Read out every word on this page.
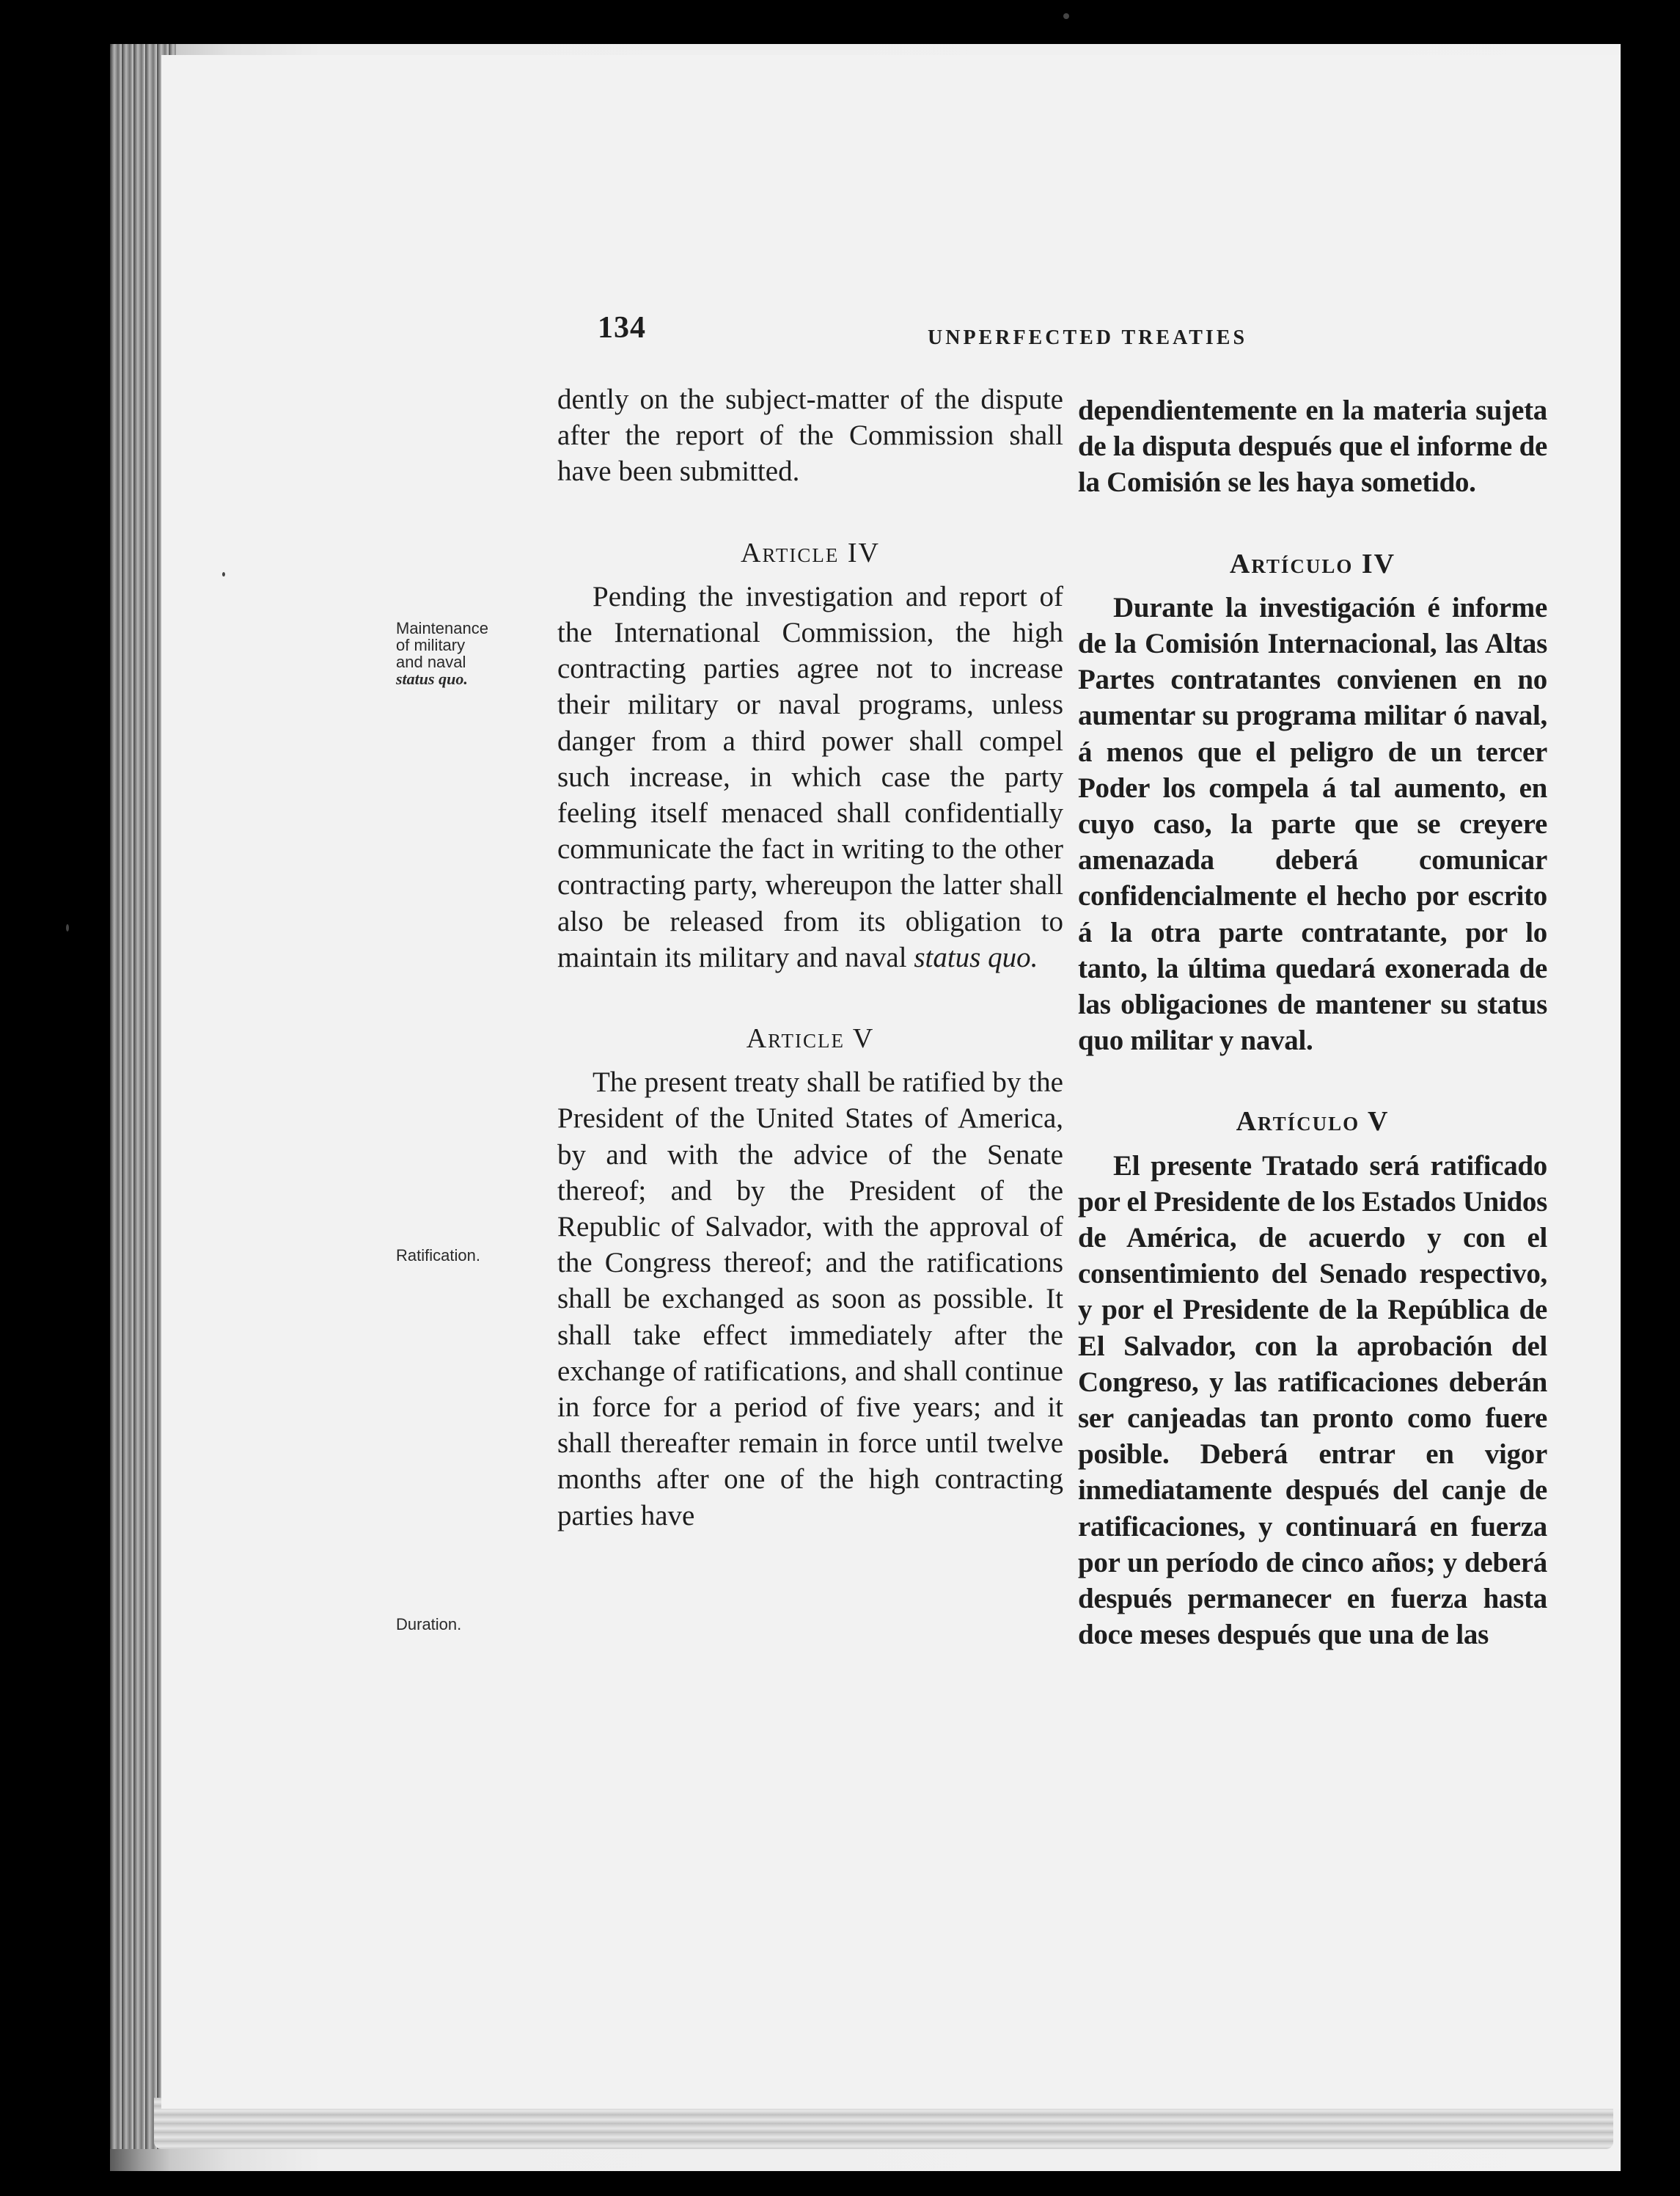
134	UNPERFECTED TREATIES
Maintenance
of military
and naval
status quo.
Ratification.
Duration.

dently on the subject-matter of the dispute after the report of the Commission shall have been submitted.

Article IV

Pending the investigation and report of the International Commission, the high contracting parties agree not to increase their military or naval programs, unless danger from a third power shall compel such increase, in which case the party feeling itself menaced shall confidentially communicate the fact in writing to the other contracting party, whereupon the latter shall also be released from its obligation to maintain its military and naval status quo.

Article V

The present treaty shall be ratified by the President of the United States of America, by and with the advice of the Senate thereof; and by the President of the Republic of Salvador, with the approval of the Congress thereof; and the ratifications shall be exchanged as soon as possible. It shall take effect immediately after the exchange of ratifications, and shall continue in force for a period of five years; and it shall thereafter remain in force until twelve months after one of the high contracting parties have

dependientemente en la materia sujeta de la disputa después que el informe de la Comisión se les haya sometido.

Artículo IV

Durante la investigación é informe de la Comisión Internacional, las Altas Partes contratantes convienen en no aumentar su programa militar ó naval, á menos que el peligro de un tercer Poder los compela á tal aumento, en cuyo caso, la parte que se creyere amenazada deberá comunicar confidencialmente el hecho por escrito á la otra parte contratante, por lo tanto, la última quedará exonerada de las obligaciones de mantener su status quo militar y naval.

Artículo V

El presente Tratado será ratificado por el Presidente de los Estados Unidos de América, de acuerdo y con el consentimiento del Senado respectivo, y por el Presidente de la República de El Salvador, con la aprobación del Congreso, y las ratificaciones deberán ser canjeadas tan pronto como fuere posible. Deberá entrar en vigor inmediatamente después del canje de ratificaciones, y continuará en fuerza por un período de cinco años; y deberá después permanecer en fuerza hasta doce meses después que una de las
